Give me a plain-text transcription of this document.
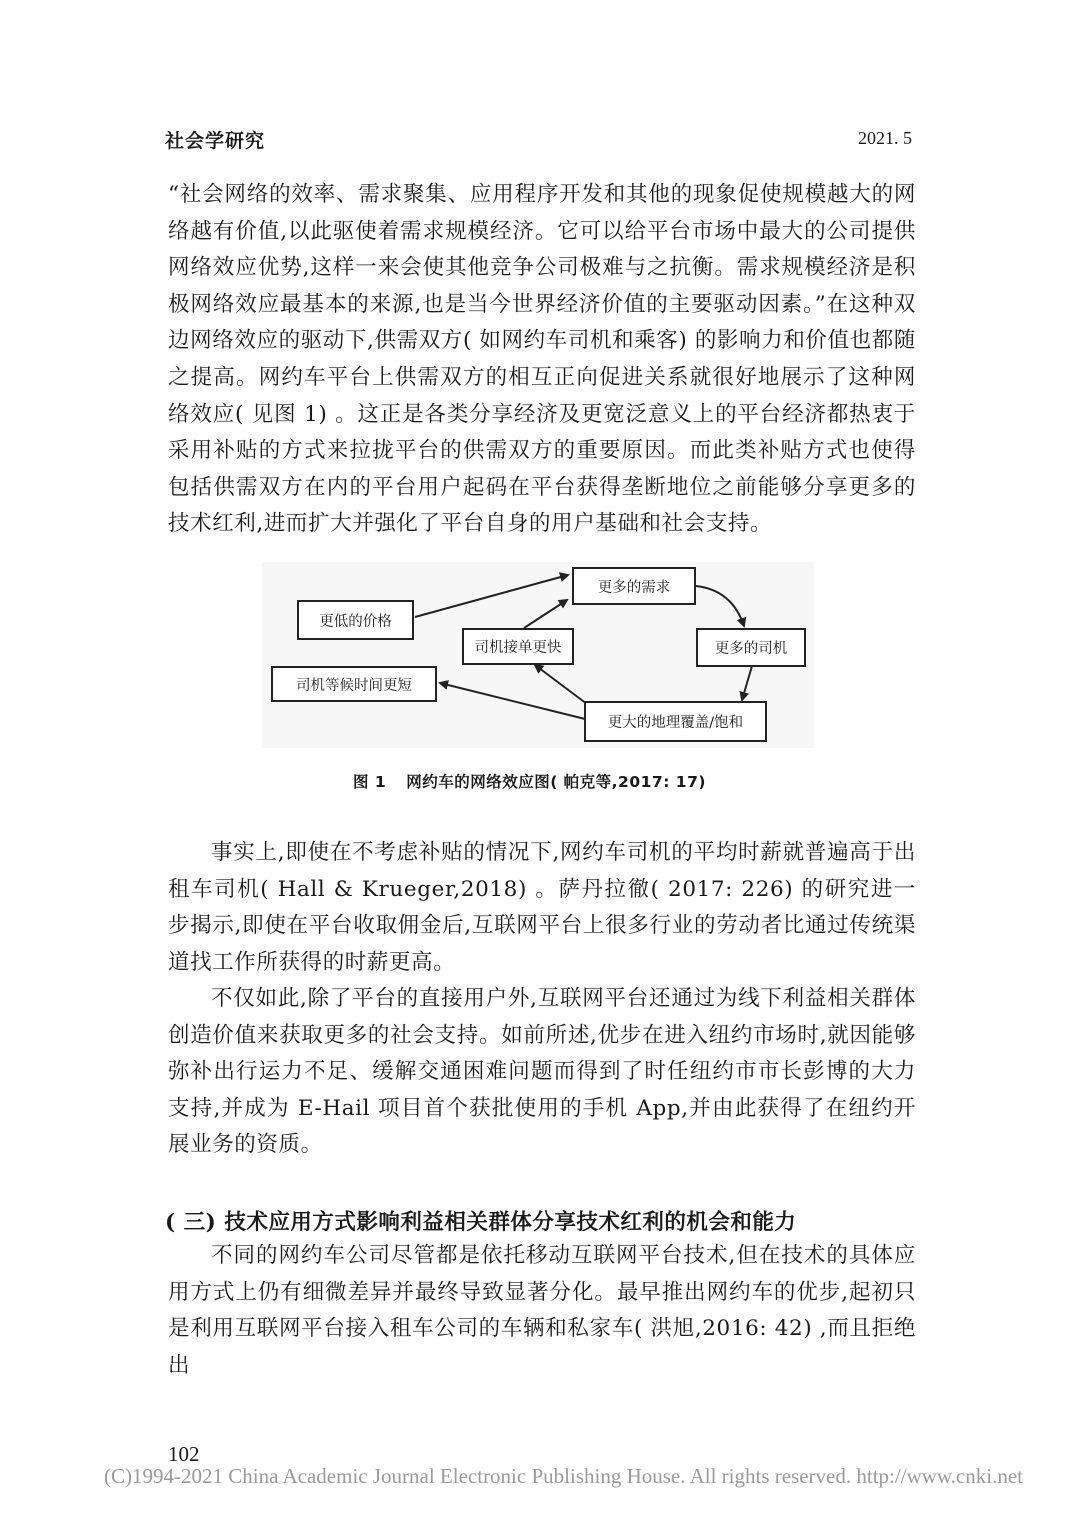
社会学研究	2021. 5

“社会网络的效率、需求聚集、应用程序开发和其他的现象促使规模越大的网络越有价值,以此驱使着需求规模经济。它可以给平台市场中最大的公司提供网络效应优势,这样一来会使其他竞争公司极难与之抗衡。需求规模经济是积极网络效应最基本的来源,也是当今世界经济价值的主要驱动因素。”在这种双边网络效应的驱动下,供需双方( 如网约车司机和乘客) 的影响力和价值也都随之提高。网约车平台上供需双方的相互正向促进关系就很好地展示了这种网络效应( 见图 1) 。这正是各类分享经济及更宽泛意义上的平台经济都热衷于采用补贴的方式来拉拢平台的供需双方的重要原因。而此类补贴方式也使得包括供需双方在内的平台用户起码在平台获得垄断地位之前能够分享更多的技术红利,进而扩大并强化了平台自身的用户基础和社会支持。

更多的需求
更低的价格
司机接单更快	更多的司机
司机等候时间更短
更大的地理覆盖/饱和
图 1 网约车的网络效应图( 帕克等,2017: 17)

事实上,即使在不考虑补贴的情况下,网约车司机的平均时薪就普遍高于出租车司机( Hall & Krueger,2018) 。萨丹拉徹( 2017: 226) 的研究进一步揭示,即使在平台收取佣金后,互联网平台上很多行业的劳动者比通过传统渠道找工作所获得的时薪更高。

不仅如此,除了平台的直接用户外,互联网平台还通过为线下利益相关群体创造价值来获取更多的社会支持。如前所述,优步在进入纽约市场时,就因能够弥补出行运力不足、缓解交通困难问题而得到了时任纽约市市长彭博的大力支持,并成为 E-Hail 项目首个获批使用的手机 App,并由此获得了在纽约开展业务的资质。

( 三) 技术应用方式影响利益相关群体分享技术红利的机会和能力

不同的网约车公司尽管都是依托移动互联网平台技术,但在技术的具体应用方式上仍有细微差异并最终导致显著分化。最早推出网约车的优步,起初只是利用互联网平台接入租车公司的车辆和私家车( 洪旭,2016: 42) ,而且拒绝出

102
(C)1994-2021 China Academic Journal Electronic Publishing House. All rights reserved. http://www.cnki.net
